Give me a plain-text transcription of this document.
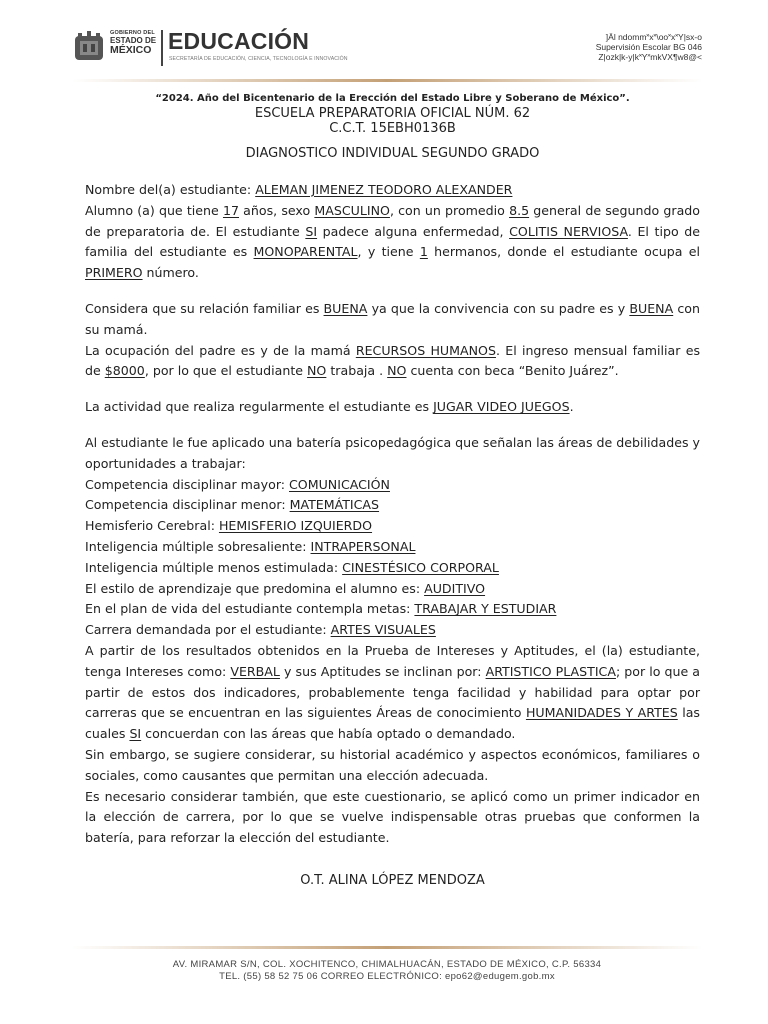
GOBIERNO DEL
ESTADO DE
MÉXICO EDUCACIÓN
SECRETARÍA DE EDUCACIÓN, CIENCIA, TECNOLOGÍA E INNOVACIÓN
]Äl ndomm˟x˟\oo˟x˟Y|sx-o
Supervisión Escolar BG 046
Z|ozk|k-y|k˟Y˟mkVX¶w8@<

“2024. Año del Bicentenario de la Erección del Estado Libre y Soberano de México”.

ESCUELA PREPARATORIA OFICIAL NÚM. 62

C.C.T. 15EBH0136B

DIAGNOSTICO INDIVIDUAL SEGUNDO GRADO

Nombre del(a) estudiante: ALEMAN JIMENEZ TEODORO ALEXANDER
Alumno (a) que tiene 17 años, sexo MASCULINO, con un promedio 8.5 general de segundo grado de preparatoria de. El estudiante SI padece alguna enfermedad, COLITIS NERVIOSA. El tipo de familia del estudiante es MONOPARENTAL, y tiene 1 hermanos, donde el estudiante ocupa el PRIMERO número.

Considera que su relación familiar es BUENA ya que la convivencia con su padre es y BUENA con su mamá.

La ocupación del padre es y de la mamá RECURSOS HUMANOS. El ingreso mensual familiar es de $8000, por lo que el estudiante NO trabaja . NO cuenta con beca “Benito Juárez”.

La actividad que realiza regularmente el estudiante es JUGAR VIDEO JUEGOS.

Al estudiante le fue aplicado una batería psicopedagógica que señalan las áreas de debilidades y oportunidades a trabajar:

Competencia disciplinar mayor: COMUNICACIÓN

Competencia disciplinar menor: MATEMÁTICAS

Hemisferio Cerebral: HEMISFERIO IZQUIERDO

Inteligencia múltiple sobresaliente: INTRAPERSONAL

Inteligencia múltiple menos estimulada: CINESTÉSICO CORPORAL

El estilo de aprendizaje que predomina el alumno es: AUDITIVO

En el plan de vida del estudiante contempla metas: TRABAJAR Y ESTUDIAR

Carrera demandada por el estudiante: ARTES VISUALES

A partir de los resultados obtenidos en la Prueba de Intereses y Aptitudes, el (la) estudiante, tenga Intereses como: VERBAL y sus Aptitudes se inclinan por: ARTISTICO PLASTICA; por lo que a partir de estos dos indicadores, probablemente tenga facilidad y habilidad para optar por carreras que se encuentran en las siguientes Áreas de conocimiento HUMANIDADES Y ARTES las cuales SI concuerdan con las áreas que había optado o demandado.

Sin embargo, se sugiere considerar, su historial académico y aspectos económicos, familiares o sociales, como causantes que permitan una elección adecuada.

Es necesario considerar también, que este cuestionario, se aplicó como un primer indicador en la elección de carrera, por lo que se vuelve indispensable otras pruebas que conformen la batería, para reforzar la elección del estudiante.

O.T. ALINA LÓPEZ MENDOZA

AV. MIRAMAR S/N, COL. XOCHITENCO, CHIMALHUACÁN, ESTADO DE MÉXICO, C.P. 56334
TEL. (55) 58 52 75 06 CORREO ELECTRÓNICO: epo62@edugem.gob.mx
